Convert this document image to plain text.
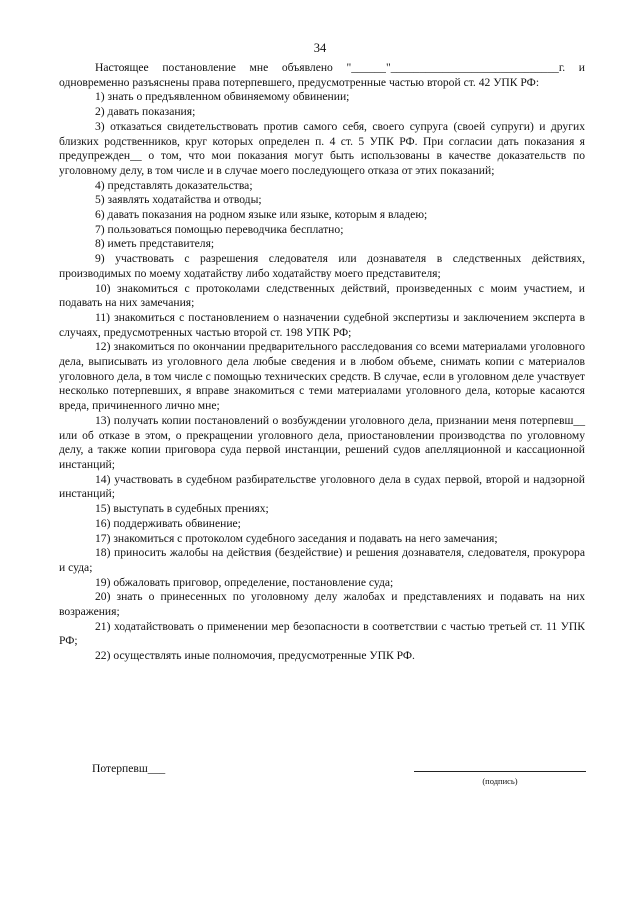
34

Настоящее постановление мне объявлено "______"_____________________________г. и одновременно разъяснены права потерпевшего, предусмотренные частью второй ст. 42 УПК РФ:

1) знать о предъявленном обвиняемому обвинении;

2) давать показания;

3) отказаться свидетельствовать против самого себя, своего супруга (своей супруги) и других близких родственников, круг которых определен п. 4 ст. 5 УПК РФ. При согласии дать показания я предупрежден__ о том, что мои показания могут быть использованы в качестве доказательств по уголовному делу, в том числе и в случае моего последующего отказа от этих показаний;

4) представлять доказательства;

5) заявлять ходатайства и отводы;

6) давать показания на родном языке или языке, которым я владею;

7) пользоваться помощью переводчика бесплатно;

8) иметь представителя;

9) участвовать с разрешения следователя или дознавателя в следственных действиях, производимых по моему ходатайству либо ходатайству моего представителя;

10) знакомиться с протоколами следственных действий, произведенных с моим участием, и подавать на них замечания;

11) знакомиться с постановлением о назначении судебной экспертизы и заключением эксперта в случаях, предусмотренных частью второй ст. 198 УПК РФ;

12) знакомиться по окончании предварительного расследования со всеми материалами уголовного дела, выписывать из уголовного дела любые сведения и в любом объеме, снимать копии с материалов уголовного дела, в том числе с помощью технических средств. В случае, если в уголовном деле участвует несколько потерпевших, я вправе знакомиться с теми материалами уголовного дела, которые касаются вреда, причиненного лично мне;

13) получать копии постановлений о возбуждении уголовного дела, признании меня потерпевш__ или об отказе в этом, о прекращении уголовного дела, приостановлении производства по уголовному делу, а также копии приговора суда первой инстанции, решений судов апелляционной и кассационной инстанций;

14) участвовать в судебном разбирательстве уголовного дела в судах первой, второй и надзорной инстанций;

15) выступать в судебных прениях;

16) поддерживать обвинение;

17) знакомиться с протоколом судебного заседания и подавать на него замечания;

18) приносить жалобы на действия (бездействие) и решения дознавателя, следователя, прокурора и суда;

19) обжаловать приговор, определение, постановление суда;

20) знать о принесенных по уголовному делу жалобах и представлениях и подавать на них возражения;

21) ходатайствовать о применении мер безопасности в соответствии с частью третьей ст. 11 УПК РФ;

22) осуществлять иные полномочия, предусмотренные УПК РФ.

Потерпевш___
(подпись)
